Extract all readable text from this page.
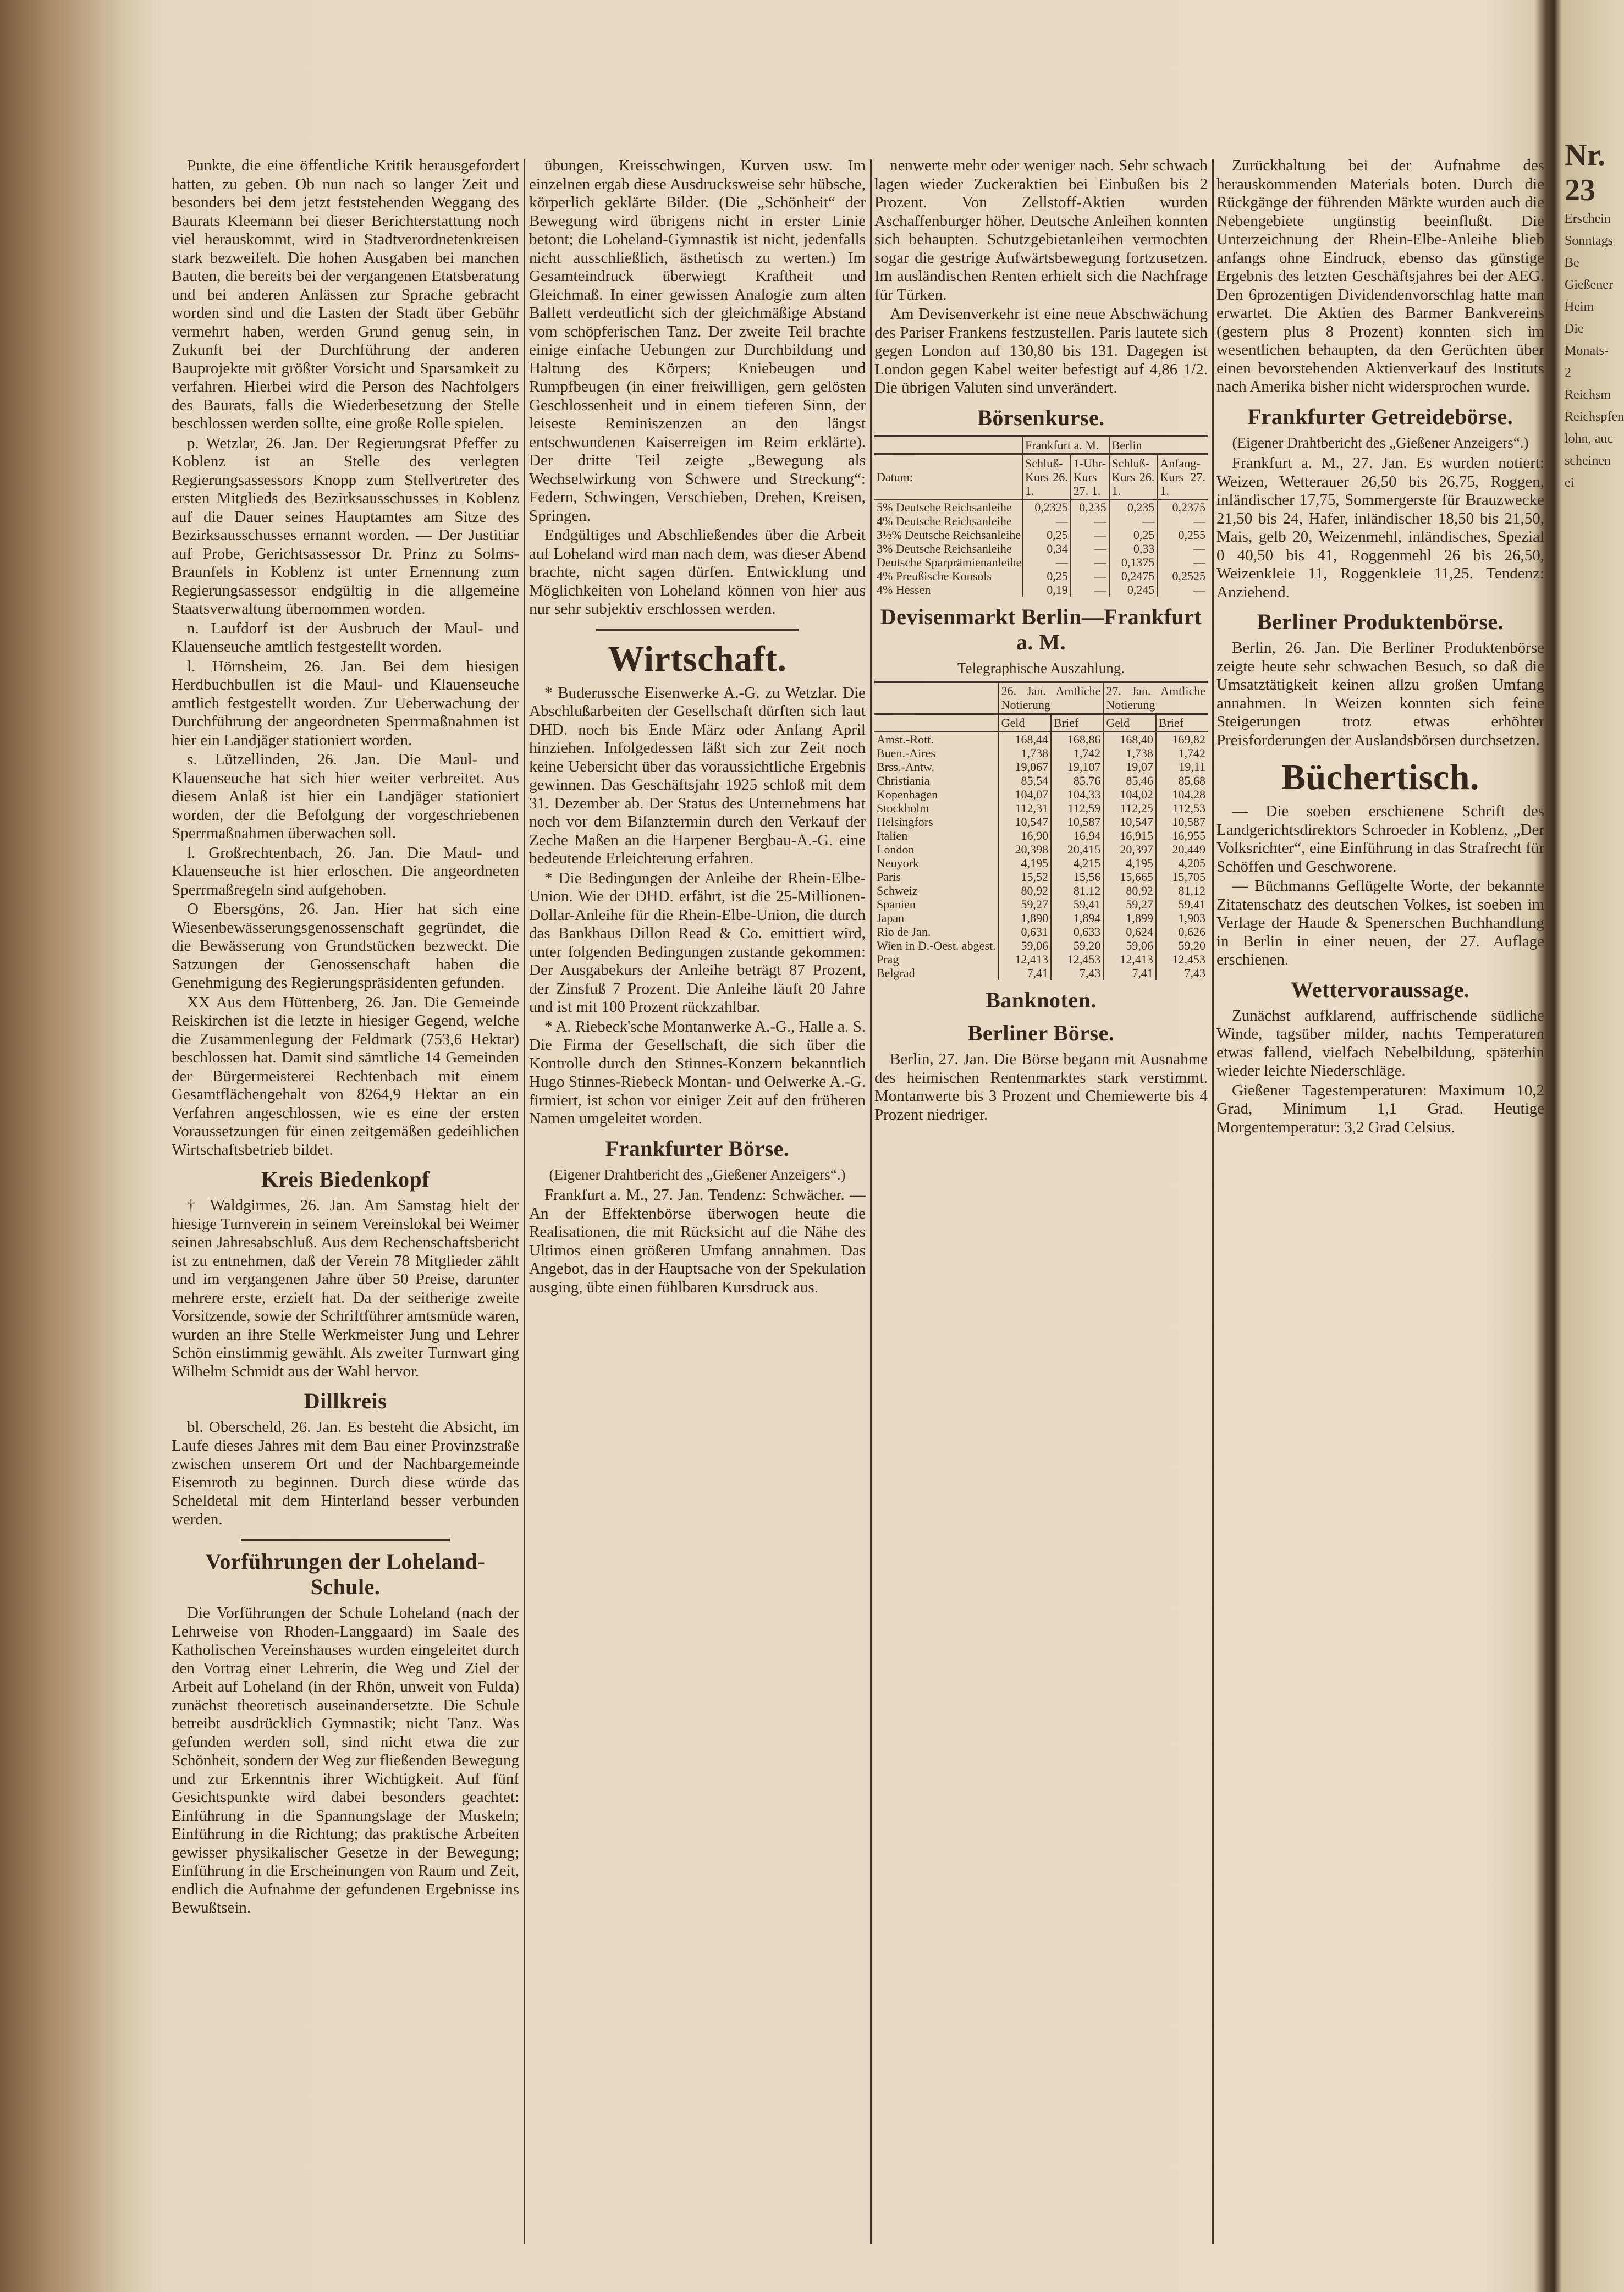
Punkte, die eine öffentliche Kritik herausgefordert hatten, zu geben. Ob nun nach so langer Zeit und besonders bei dem jetzt feststehenden Weggang des Baurats Kleemann bei dieser Berichterstattung noch viel herauskommt, wird in Stadtverordnetenkreisen stark bezweifelt. Die hohen Ausgaben bei manchen Bauten, die bereits bei der vergangenen Etatsberatung und bei anderen Anlässen zur Sprache gebracht worden sind und die Lasten der Stadt über Gebühr vermehrt haben, werden Grund genug sein, in Zukunft bei der Durchführung der anderen Bauprojekte mit größter Vorsicht und Sparsamkeit zu verfahren. Hierbei wird die Person des Nachfolgers des Baurats, falls die Wiederbesetzung der Stelle beschlossen werden sollte, eine große Rolle spielen.

p. Wetzlar, 26. Jan. Der Regierungsrat Pfeffer zu Koblenz ist an Stelle des verlegten Regierungsassessors Knopp zum Stellvertreter des ersten Mitglieds des Bezirksausschusses in Koblenz auf die Dauer seines Hauptamtes am Sitze des Bezirksausschusses ernannt worden. — Der Justitiar auf Probe, Gerichtsassessor Dr. Prinz zu Solms-Braunfels in Koblenz ist unter Ernennung zum Regierungsassessor endgültig in die allgemeine Staatsverwaltung übernommen worden.

n. Laufdorf ist der Ausbruch der Maul- und Klauenseuche amtlich festgestellt worden.

l. Hörnsheim, 26. Jan. Bei dem hiesigen Herdbuchbullen ist die Maul- und Klauenseuche amtlich festgestellt worden. Zur Ueberwachung der Durchführung der angeordneten Sperrmaßnahmen ist hier ein Landjäger stationiert worden.

s. Lützellinden, 26. Jan. Die Maul- und Klauenseuche hat sich hier weiter verbreitet. Aus diesem Anlaß ist hier ein Landjäger stationiert worden, der die Befolgung der vorgeschriebenen Sperrmaßnahmen überwachen soll.

l. Großrechtenbach, 26. Jan. Die Maul- und Klauenseuche ist hier erloschen. Die angeordneten Sperrmaßregeln sind aufgehoben.

O Ebersgöns, 26. Jan. Hier hat sich eine Wiesenbewässerungsgenossenschaft gegründet, die die Bewässerung von Grundstücken bezweckt. Die Satzungen der Genossenschaft haben die Genehmigung des Regierungspräsidenten gefunden.

XX Aus dem Hüttenberg, 26. Jan. Die Gemeinde Reiskirchen ist die letzte in hiesiger Gegend, welche die Zusammenlegung der Feldmark (753,6 Hektar) beschlossen hat. Damit sind sämtliche 14 Gemeinden der Bürgermeisterei Rechtenbach mit einem Gesamtflächengehalt von 8264,9 Hektar an ein Verfahren angeschlossen, wie es eine der ersten Voraussetzungen für einen zeitgemäßen gedeihlichen Wirtschaftsbetrieb bildet.

Kreis Biedenkopf

† Waldgirmes, 26. Jan. Am Samstag hielt der hiesige Turnverein in seinem Vereinslokal bei Weimer seinen Jahresabschluß. Aus dem Rechenschaftsbericht ist zu entnehmen, daß der Verein 78 Mitglieder zählt und im vergangenen Jahre über 50 Preise, darunter mehrere erste, erzielt hat. Da der seitherige zweite Vorsitzende, sowie der Schriftführer amtsmüde waren, wurden an ihre Stelle Werkmeister Jung und Lehrer Schön einstimmig gewählt. Als zweiter Turnwart ging Wilhelm Schmidt aus der Wahl hervor.

Dillkreis

bl. Oberscheld, 26. Jan. Es besteht die Absicht, im Laufe dieses Jahres mit dem Bau einer Provinzstraße zwischen unserem Ort und der Nachbargemeinde Eisemroth zu beginnen. Durch diese würde das Scheldetal mit dem Hinterland besser verbunden werden.

Vorführungen der Loheland-Schule.

Die Vorführungen der Schule Loheland (nach der Lehrweise von Rhoden-Langgaard) im Saale des Katholischen Vereinshauses wurden eingeleitet durch den Vortrag einer Lehrerin, die Weg und Ziel der Arbeit auf Loheland (in der Rhön, unweit von Fulda) zunächst theoretisch auseinandersetzte. Die Schule betreibt ausdrücklich Gymnastik; nicht Tanz. Was gefunden werden soll, sind nicht etwa die zur Schönheit, sondern der Weg zur fließenden Bewegung und zur Erkenntnis ihrer Wichtigkeit. Auf fünf Gesichtspunkte wird dabei besonders geachtet: Einführung in die Spannungslage der Muskeln; Einführung in die Richtung; das praktische Arbeiten gewisser physikalischer Gesetze in der Bewegung; Einführung in die Erscheinungen von Raum und Zeit, endlich die Aufnahme der gefundenen Ergebnisse ins Bewußtsein.

übungen, Kreisschwingen, Kurven usw. Im einzelnen ergab diese Ausdrucksweise sehr hübsche, körperlich geklärte Bilder. (Die „Schönheit“ der Bewegung wird übrigens nicht in erster Linie betont; die Loheland-Gymnastik ist nicht, jedenfalls nicht ausschließlich, ästhetisch zu werten.) Im Gesamteindruck überwiegt Kraftheit und Gleichmaß. In einer gewissen Analogie zum alten Ballett verdeutlicht sich der gleichmäßige Abstand vom schöpferischen Tanz. Der zweite Teil brachte einige einfache Uebungen zur Durchbildung und Haltung des Körpers; Kniebeugen und Rumpfbeugen (in einer freiwilligen, gern gelösten Geschlossenheit und in einem tieferen Sinn, der leiseste Reminiszenzen an den längst entschwundenen Kaiserreigen im Reim erklärte). Der dritte Teil zeigte „Bewegung als Wechselwirkung von Schwere und Streckung“: Federn, Schwingen, Verschieben, Drehen, Kreisen, Springen.

Endgültiges und Abschließendes über die Arbeit auf Loheland wird man nach dem, was dieser Abend brachte, nicht sagen dürfen. Entwicklung und Möglichkeiten von Loheland können von hier aus nur sehr subjektiv erschlossen werden.

Wirtschaft.

* Buderussche Eisenwerke A.-G. zu Wetzlar. Die Abschlußarbeiten der Gesellschaft dürften sich laut DHD. noch bis Ende März oder Anfang April hinziehen. Infolgedessen läßt sich zur Zeit noch keine Uebersicht über das voraussichtliche Ergebnis gewinnen. Das Geschäftsjahr 1925 schloß mit dem 31. Dezember ab. Der Status des Unternehmens hat noch vor dem Bilanztermin durch den Verkauf der Zeche Maßen an die Harpener Bergbau-A.-G. eine bedeutende Erleichterung erfahren.

* Die Bedingungen der Anleihe der Rhein-Elbe-Union. Wie der DHD. erfährt, ist die 25-Millionen-Dollar-Anleihe für die Rhein-Elbe-Union, die durch das Bankhaus Dillon Read & Co. emittiert wird, unter folgenden Bedingungen zustande gekommen: Der Ausgabekurs der Anleihe beträgt 87 Prozent, der Zinsfuß 7 Prozent. Die Anleihe läuft 20 Jahre und ist mit 100 Prozent rückzahlbar.

* A. Riebeck'sche Montanwerke A.-G., Halle a. S. Die Firma der Gesellschaft, die sich über die Kontrolle durch den Stinnes-Konzern bekanntlich Hugo Stinnes-Riebeck Montan- und Oelwerke A.-G. firmiert, ist schon vor einiger Zeit auf den früheren Namen umgeleitet worden.

Frankfurter Börse.
(Eigener Drahtbericht des „Gießener Anzeigers“.)

Frankfurt a. M., 27. Jan. Tendenz: Schwächer. — An der Effektenbörse überwogen heute die Realisationen, die mit Rücksicht auf die Nähe des Ultimos einen größeren Umfang annahmen. Das Angebot, das in der Hauptsache von der Spekulation ausging, übte einen fühlbaren Kursdruck aus.

nenwerte mehr oder weniger nach. Sehr schwach lagen wieder Zuckeraktien bei Einbußen bis 2 Prozent. Von Zellstoff-Aktien wurden Aschaffenburger höher. Deutsche Anleihen konnten sich behaupten. Schutzgebietanleihen vermochten sogar die gestrige Aufwärtsbewegung fortzusetzen. Im ausländischen Renten erhielt sich die Nachfrage für Türken.

Am Devisenverkehr ist eine neue Abschwächung des Pariser Frankens festzustellen. Paris lautete sich gegen London auf 130,80 bis 131. Dagegen ist London gegen Kabel weiter befestigt auf 4,86 1/2. Die übrigen Valuten sind unverändert.

Börsenkurse.
	Frankfurt a. M.		Berlin	
Datum:	Schluß-Kurs 26. 1.	1-Uhr-Kurs 27. 1.	Schluß-Kurs 26. 1.	Anfang-Kurs 27. 1.
5% Deutsche Reichsanleihe	0,2325	0,235	0,235	0,2375
4% Deutsche Reichsanleihe	—	—	—	—
3½% Deutsche Reichsanleihe	0,25	—	0,25	0,255
3% Deutsche Reichsanleihe	0,34	—	0,33	—
Deutsche Sparprämienanleihe	—	—	0,1375	—
4% Preußische Konsols	0,25	—	0,2475	0,2525
4% Hessen	0,19	—	0,245	—
Devisenmarkt Berlin—Frankfurt a. M.
Telegraphische Auszahlung.
	26. Jan. Amtliche Notierung		27. Jan. Amtliche Notierung	
	Geld	Brief	Geld	Brief
Amst.-Rott.	168,44	168,86	168,40	169,82
Buen.-Aires	1,738	1,742	1,738	1,742
Brss.-Antw.	19,067	19,107	19,07	19,11
Christiania	85,54	85,76	85,46	85,68
Kopenhagen	104,07	104,33	104,02	104,28
Stockholm	112,31	112,59	112,25	112,53
Helsingfors	10,547	10,587	10,547	10,587
Italien	16,90	16,94	16,915	16,955
London	20,398	20,415	20,397	20,449
Neuyork	4,195	4,215	4,195	4,205
Paris	15,52	15,56	15,665	15,705
Schweiz	80,92	81,12	80,92	81,12
Spanien	59,27	59,41	59,27	59,41
Japan	1,890	1,894	1,899	1,903
Rio de Jan.	0,631	0,633	0,624	0,626
Wien in D.-Oest. abgest.	59,06	59,20	59,06	59,20
Prag	12,413	12,453	12,413	12,453
Belgrad	7,41	7,43	7,41	7,43
Banknoten.
Berliner Börse.

Berlin, 27. Jan. Die Börse begann mit Ausnahme des heimischen Rentenmarktes stark verstimmt. Montanwerte bis 3 Prozent und Chemiewerte bis 4 Prozent niedriger.

Zurückhaltung bei der Aufnahme des herauskommenden Materials boten. Durch die Rückgänge der führenden Märkte wurden auch die Nebengebiete ungünstig beeinflußt. Die Unterzeichnung der Rhein-Elbe-Anleihe blieb anfangs ohne Eindruck, ebenso das günstige Ergebnis des letzten Geschäftsjahres bei der AEG. Den 6prozentigen Dividendenvorschlag hatte man erwartet. Die Aktien des Barmer Bankvereins (gestern plus 8 Prozent) konnten sich im wesentlichen behaupten, da den Gerüchten über einen bevorstehenden Aktienverkauf des Instituts nach Amerika bisher nicht widersprochen wurde.

Frankfurter Getreidebörse.
(Eigener Drahtbericht des „Gießener Anzeigers“.)

Frankfurt a. M., 27. Jan. Es wurden notiert: Weizen, Wetterauer 26,50 bis 26,75, Roggen, inländischer 17,75, Sommergerste für Brauzwecke 21,50 bis 24, Hafer, inländischer 18,50 bis 21,50, Mais, gelb 20, Weizenmehl, inländisches, Spezial 0 40,50 bis 41, Roggenmehl 26 bis 26,50, Weizenkleie 11, Roggenkleie 11,25. Tendenz: Anziehend.

Berliner Produktenbörse.

Berlin, 26. Jan. Die Berliner Produktenbörse zeigte heute sehr schwachen Besuch, so daß die Umsatztätigkeit keinen allzu großen Umfang annahmen. In Weizen konnten sich feine Steigerungen trotz etwas erhöhter Preisforderungen der Auslandsbörsen durchsetzen.

Büchertisch.

— Die soeben erschienene Schrift des Landgerichtsdirektors Schroeder in Koblenz, „Der Volksrichter“, eine Einführung in das Strafrecht für Schöffen und Geschworene.

— Büchmanns Geflügelte Worte, der bekannte Zitatenschatz des deutschen Volkes, ist soeben im Verlage der Haude & Spenerschen Buchhandlung in Berlin in einer neuen, der 27. Auflage erschienen.

Wettervoraussage.

Zunächst aufklarend, auffrischende südliche Winde, tagsüber milder, nachts Temperaturen etwas fallend, vielfach Nebelbildung, späterhin wieder leichte Niederschläge.

Gießener Tagestemperaturen: Maximum 10,2 Grad, Minimum 1,1 Grad. Heutige Morgentemperatur: 3,2 Grad Celsius.

Nr. 23
Erschein
Sonntags
Be
Gießener
Heim
Die
Monats-
2 Reichsm
Reichspfen
lohn, auc
scheinen ei
